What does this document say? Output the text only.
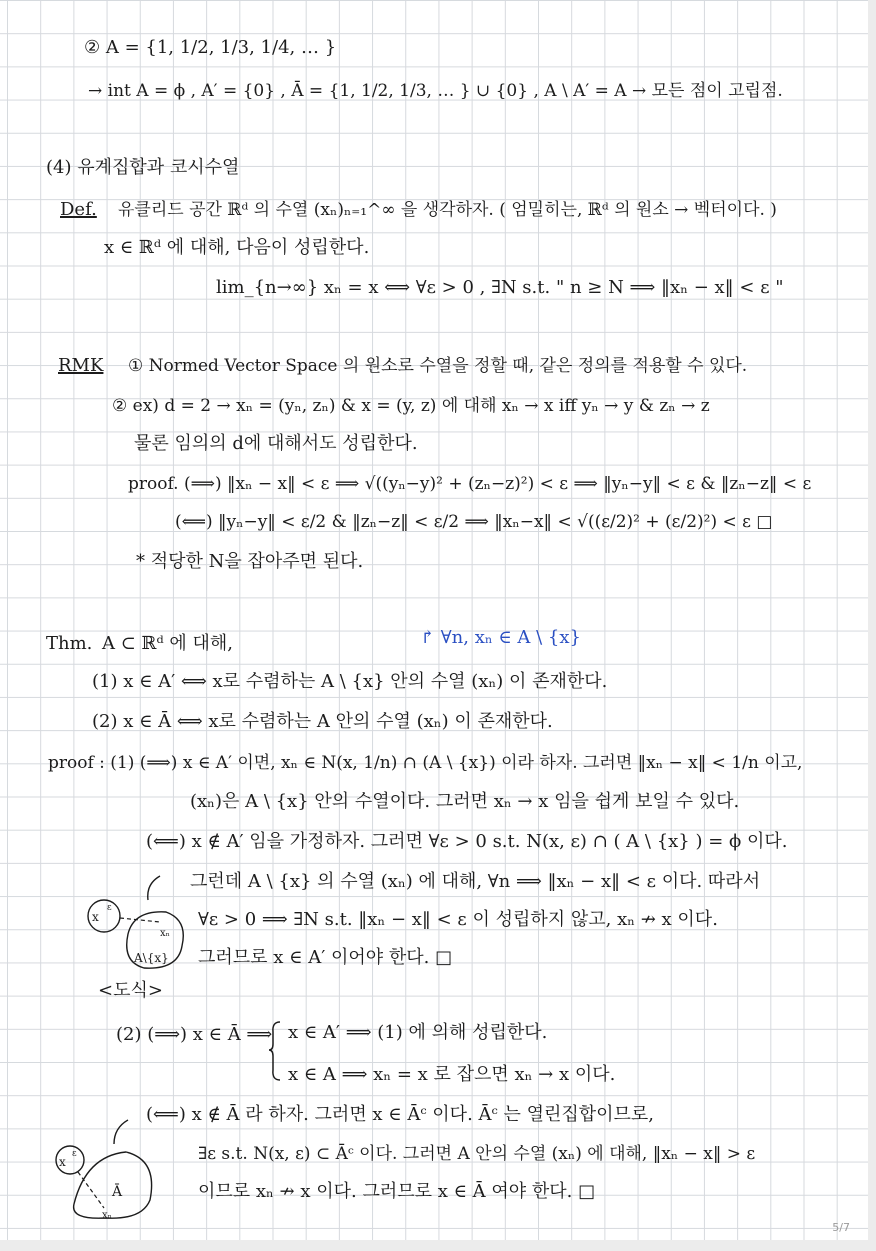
② A = {1, 1/2, 1/3, 1/4, … }
→ int A = ϕ , A′ = {0} , Ā = {1, 1/2, 1/3, … } ∪ {0} , A \ A′ = A → 모든 점이 고립점.
(4) 유계집합과 코시수열
Def. 유클리드 공간 ℝᵈ 의 수열 (xₙ)ₙ₌₁^∞ 을 생각하자. ( 엄밀히는, ℝᵈ 의 원소 → 벡터이다. )
x ∈ ℝᵈ 에 대해, 다음이 성립한다.
lim_{n→∞} xₙ = x ⟺ ∀ε > 0 , ∃N s.t. " n ≥ N ⟹ ‖xₙ − x‖ < ε "
RMK ① Normed Vector Space 의 원소로 수열을 정할 때, 같은 정의를 적용할 수 있다.
② ex) d = 2 → xₙ = (yₙ, zₙ) & x = (y, z) 에 대해 xₙ → x iff yₙ → y & zₙ → z
물론 임의의 d에 대해서도 성립한다.
proof. (⟹) ‖xₙ − x‖ < ε ⟹ √((yₙ−y)² + (zₙ−z)²) < ε ⟹ ‖yₙ−y‖ < ε & ‖zₙ−z‖ < ε
(⟸) ‖yₙ−y‖ < ε/2 & ‖zₙ−z‖ < ε/2 ⟹ ‖xₙ−x‖ < √((ε/2)² + (ε/2)²) < ε □
* 적당한 N을 잡아주면 된다.
Thm. A ⊂ ℝᵈ 에 대해,	↱ ∀n, xₙ ∈ A \ {x}
(1) x ∈ A′ ⟺ x로 수렴하는 A \ {x} 안의 수열 (xₙ) 이 존재한다.
(2) x ∈ Ā ⟺ x로 수렴하는 A 안의 수열 (xₙ) 이 존재한다.
proof : (1) (⟹) x ∈ A′ 이면, xₙ ∈ N(x, 1/n) ∩ (A \ {x}) 이라 하자. 그러면 ‖xₙ − x‖ < 1/n 이고,
(xₙ)은 A \ {x} 안의 수열이다. 그러면 xₙ → x 임을 쉽게 보일 수 있다.
(⟸) x ∉ A′ 임을 가정하자. 그러면 ∀ε > 0 s.t. N(x, ε) ∩ ( A \ {x} ) = ϕ 이다.
그런데 A \ {x} 의 수열 (xₙ) 에 대해, ∀n ⟹ ‖xₙ − x‖ < ε 이다. 따라서
∀ε > 0 ⟹ ∃N s.t. ‖xₙ − x‖ < ε 이 성립하지 않고, xₙ ↛ x 이다.
그러므로 x ∈ A′ 이어야 한다. □
<도식>
x
ε
xₙ
A\{x}
(2) (⟹) x ∈ Ā ⟹ x ∈ A′ ⟹ (1) 에 의해 성립한다.
x ∈ A ⟹ xₙ = x 로 잡으면 xₙ → x 이다.
(⟸) x ∉ Ā 라 하자. 그러면 x ∈ Āᶜ 이다. Āᶜ 는 열린집합이므로,
∃ε s.t. N(x, ε) ⊂ Āᶜ 이다. 그러면 A 안의 수열 (xₙ) 에 대해, ‖xₙ − x‖ > ε
이므로 xₙ ↛ x 이다. 그러므로 x ∈ Ā 여야 한다. □
x
ε
Ā
xₙ
5/7
